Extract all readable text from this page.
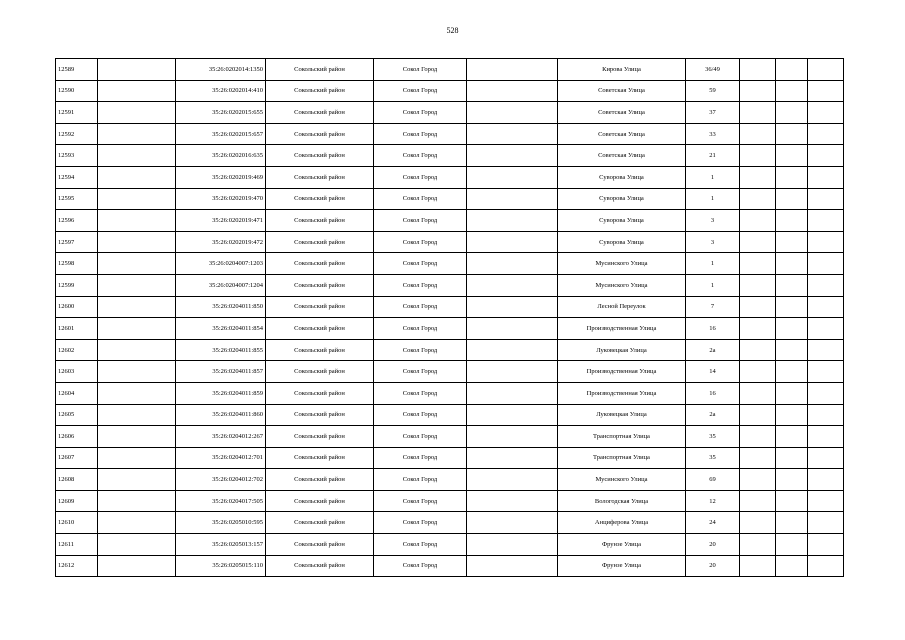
528
12589		35:26:0202014:1350	Сокольский район	Сокол Город		Кирова Улица	36/49			
12590		35:26:0202014:410	Сокольский район	Сокол Город		Советская Улица	59			
12591		35:26:0202015:655	Сокольский район	Сокол Город		Советская Улица	37			
12592		35:26:0202015:657	Сокольский район	Сокол Город		Советская Улица	33			
12593		35:26:0202016:635	Сокольский район	Сокол Город		Советская Улица	21			
12594		35:26:0202019:469	Сокольский район	Сокол Город		Суворова Улица	1			
12595		35:26:0202019:470	Сокольский район	Сокол Город		Суворова Улица	1			
12596		35:26:0202019:471	Сокольский район	Сокол Город		Суворова Улица	3			
12597		35:26:0202019:472	Сокольский район	Сокол Город		Суворова Улица	3			
12598		35:26:0204007:1203	Сокольский район	Сокол Город		Мусинского Улица	1			
12599		35:26:0204007:1204	Сокольский район	Сокол Город		Мусинского Улица	1			
12600		35:26:0204011:850	Сокольский район	Сокол Город		Лесной Переулок	7			
12601		35:26:0204011:854	Сокольский район	Сокол Город		Производственная Улица	16			
12602		35:26:0204011:855	Сокольский район	Сокол Город		Луковецкая Улица	2а			
12603		35:26:0204011:857	Сокольский район	Сокол Город		Производственная Улица	14			
12604		35:26:0204011:859	Сокольский район	Сокол Город		Производственная Улица	16			
12605		35:26:0204011:860	Сокольский район	Сокол Город		Луковецкая Улица	2а			
12606		35:26:0204012:267	Сокольский район	Сокол Город		Транспортная Улица	35			
12607		35:26:0204012:701	Сокольский район	Сокол Город		Транспортная Улица	35			
12608		35:26:0204012:702	Сокольский район	Сокол Город		Мусинского Улица	69			
12609		35:26:0204017:505	Сокольский район	Сокол Город		Вологодская Улица	12			
12610		35:26:0205010:595	Сокольский район	Сокол Город		Анциферова Улица	24			
12611		35:26:0205013:157	Сокольский район	Сокол Город		Фрунзе Улица	20			
12612		35:26:0205015:110	Сокольский район	Сокол Город		Фрунзе Улица	20			
